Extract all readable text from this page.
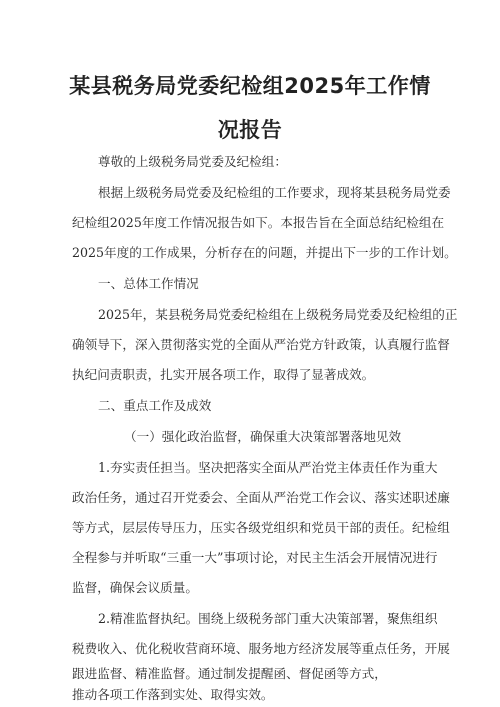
某县税务局党委纪检组2025年工作情
况报告
尊敬的上级税务局党委及纪检组：
根据上级税务局党委及纪检组的工作要求，现将某县税务局党委
纪检组2025年度工作情况报告如下。本报告旨在全面总结纪检组在
2025年度的工作成果，分析存在的问题，并提出下一步的工作计划。
一、总体工作情况
2025年，某县税务局党委纪检组在上级税务局党委及纪检组的正
确领导下，深入贯彻落实党的全面从严治党方针政策，认真履行监督
执纪问责职责，扎实开展各项工作，取得了显著成效。
二、重点工作及成效
（一）强化政治监督，确保重大决策部署落地见效
1.夯实责任担当。坚决把落实全面从严治党主体责任作为重大
政治任务，通过召开党委会、全面从严治党工作会议、落实述职述廉
等方式，层层传导压力，压实各级党组织和党员干部的责任。纪检组
全程参与并听取“三重一大”事项讨论，对民主生活会开展情况进行
监督，确保会议质量。
2.精准监督执纪。围绕上级税务部门重大决策部署，聚焦组织
税费收入、优化税收营商环境、服务地方经济发展等重点任务，开展
跟进监督、精准监督。通过制发提醒函、督促函等方式，
推动各项工作落到实处、取得实效。
